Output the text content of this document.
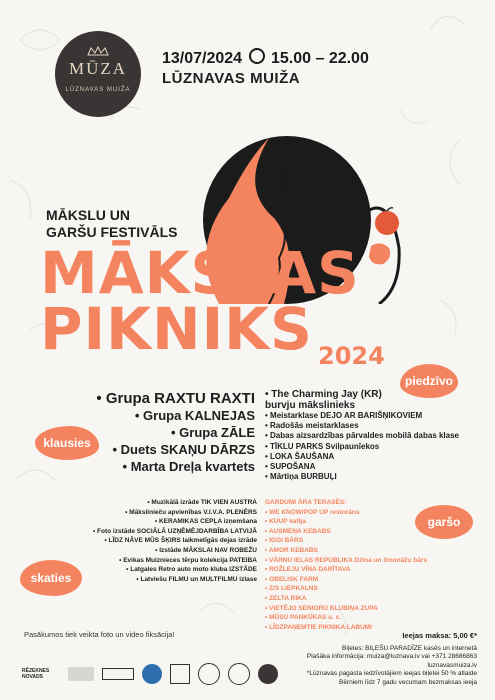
MŪZA
LŪZNAVAS MUIŽA
13/07/2024 15.00 – 22.00
LŪZNAVAS MUIŽA
MĀKSLU UN
GARŠU FESTIVĀLS
MĀKSLAS
PIKNIKS 2024
piedzīvo
klausies
garšo
skaties
• Grupa RAXTU RAXTI
• Grupa KALNEJAS
• Grupa ZĀLE
• Duets SKAŅU DĀRZS
• Marta Dreļa kvartets
• The Charming Jay (KR)
burvju mākslinieks
• Meistarklase DEJO AR BARIŠŅIKOVIEM
• Radošās meistarklases
• Dabas aizsardzības pārvaldes mobilā dabas klase
• TĪKLU PARKS Svilpaunīekos
• LOKA ŠAUŠANA
• SUPOŠANA
• Mārtiņa BURBUĻI
• Muzikālā izrāde TIK VIEN AUSTRA
• Mākslinieču apvienības V.I.V.A. PLENĒRS
• KERAMIKAS CEPĻA izņemšana
• Foto izstāde SOCIĀLĀ UZŅĒMĒJDARBĪBA LATVIJĀ
• LĪDZ NĀVE MŪS ŠĶIRS laikmetīgās dejas izrāde
• Izstāde MĀKSLAI NAV ROBEŽU
• Evikas Muiznieces tērpu kolekcija PATEIBA
• Latgales Retro auto moto kluba IZSTĀDE
• Latviešu FILMU un MULTFILMU izlase
GARDUMI ĀRA TERASĒS:
• WE KNOW/POP UP restorāns
• KUUP kafija
• AUSMEŅA KEBABS
• IGGI BĀRS
• AMOR KEBABS
• VĀRNU IELAS REPUBLIKA Džina un limonāžu bārs
• ROŽLEJU VĪNA DARĪTAVA
• OBELISK FARM
• Z/S LIEPKALNS
• ZELTA RIKA
• VIETĒJO SENIORU KLUBIŅA ZUPA
• MŪSU PANKŪKAS u. c.
• LĪDZPAŅEMTIE PIKNIKA LABUMI
Pasākumos tiek veikta foto un video fiksācija!	Ieejas maksa: 5,00 €*
Biļetes: BIĻEŠU PARADĪZE kasēs un internetā
Plašāka informācija: muiza@luznava.lv vai +371 28686863
luznavasmuiza.lv
*Lūznavas pagasta iedzīvotājiem ieejas biļetei 50 % atlaide
Bērniem līdz 7 gadu vecumam bezmaksas ieeja
RĒZEKNES NOVADS
